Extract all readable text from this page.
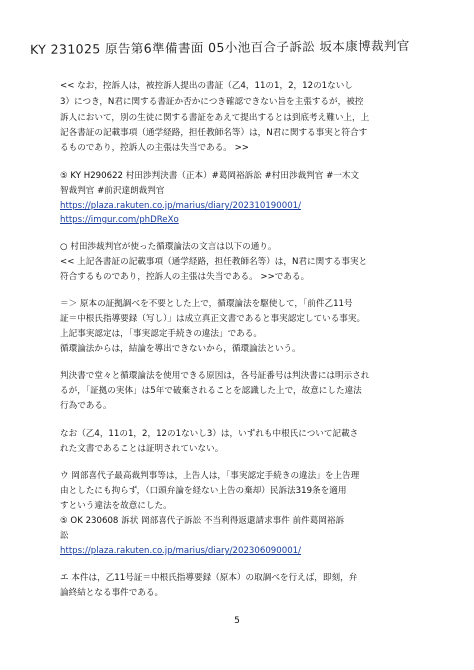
KY 231025 原告第6準備書面 05小池百合子訴訟 坂本康博裁判官
<< なお，控訴人は，被控訴人提出の書証（乙4，11の1，2，12の1ないし
3）につき，N君に関する書証か否かにつき確認できない旨を主張するが，被控
訴人において，別の生徒に関する書証をあえて提出するとは到底考え難い上，上
記各書証の記載事項（通学経路，担任教師名等）は，N君に関する事実と符合す
るものであり，控訴人の主張は失当である。 >>
⑤ KY H290622 村田渉判決書（正本）#葛岡裕訴訟 #村田渉裁判官 #一木文
智裁判官 #前沢達朗裁判官
https://plaza.rakuten.co.jp/marius/diary/202310190001/
https://imgur.com/phDReXo
○ 村田渉裁判官が使った循環論法の文言は以下の通り。
<< 上記各書証の記載事項（通学経路，担任教師名等）は，N君に関する事実と
符合するものであり，控訴人の主張は失当である。 >>である。
＝＞ 原本の証拠調べを不要とした上で，循環論法を駆使して，「前件乙11号
証＝中根氏指導要録（写し）」は成立真正文書であると事実認定している事実。
上記事実認定は，「事実認定手続きの違法」である。
循環論法からは，結論を導出できないから，循環論法という。
判決書で堂々と循環論法を使用できる原因は，各号証番号は判決書には明示され
るが，「証拠の実体」は5年で破棄されることを認識した上で，故意にした違法
行為である。
なお（乙4，11の1，2，12の1ないし3）は，いずれも中根氏について記載さ
れた文書であることは証明されていない。
ウ 岡部喜代子最高裁判事等は，上告人は，「事実認定手続きの違法」を上告理
由としたにも拘らず，（口頭弁論を経ない上告の棄却）民訴法319条を適用
すという違法を故意にした。
⑤ OK 230608 訴状 岡部喜代子訴訟 不当利得返還請求事件 前件葛岡裕訴
訟
https://plaza.rakuten.co.jp/marius/diary/202306090001/
エ 本件は，乙11号証＝中根氏指導要録（原本）の取調べを行えば，即刻，弁
論終結となる事件である。
5
